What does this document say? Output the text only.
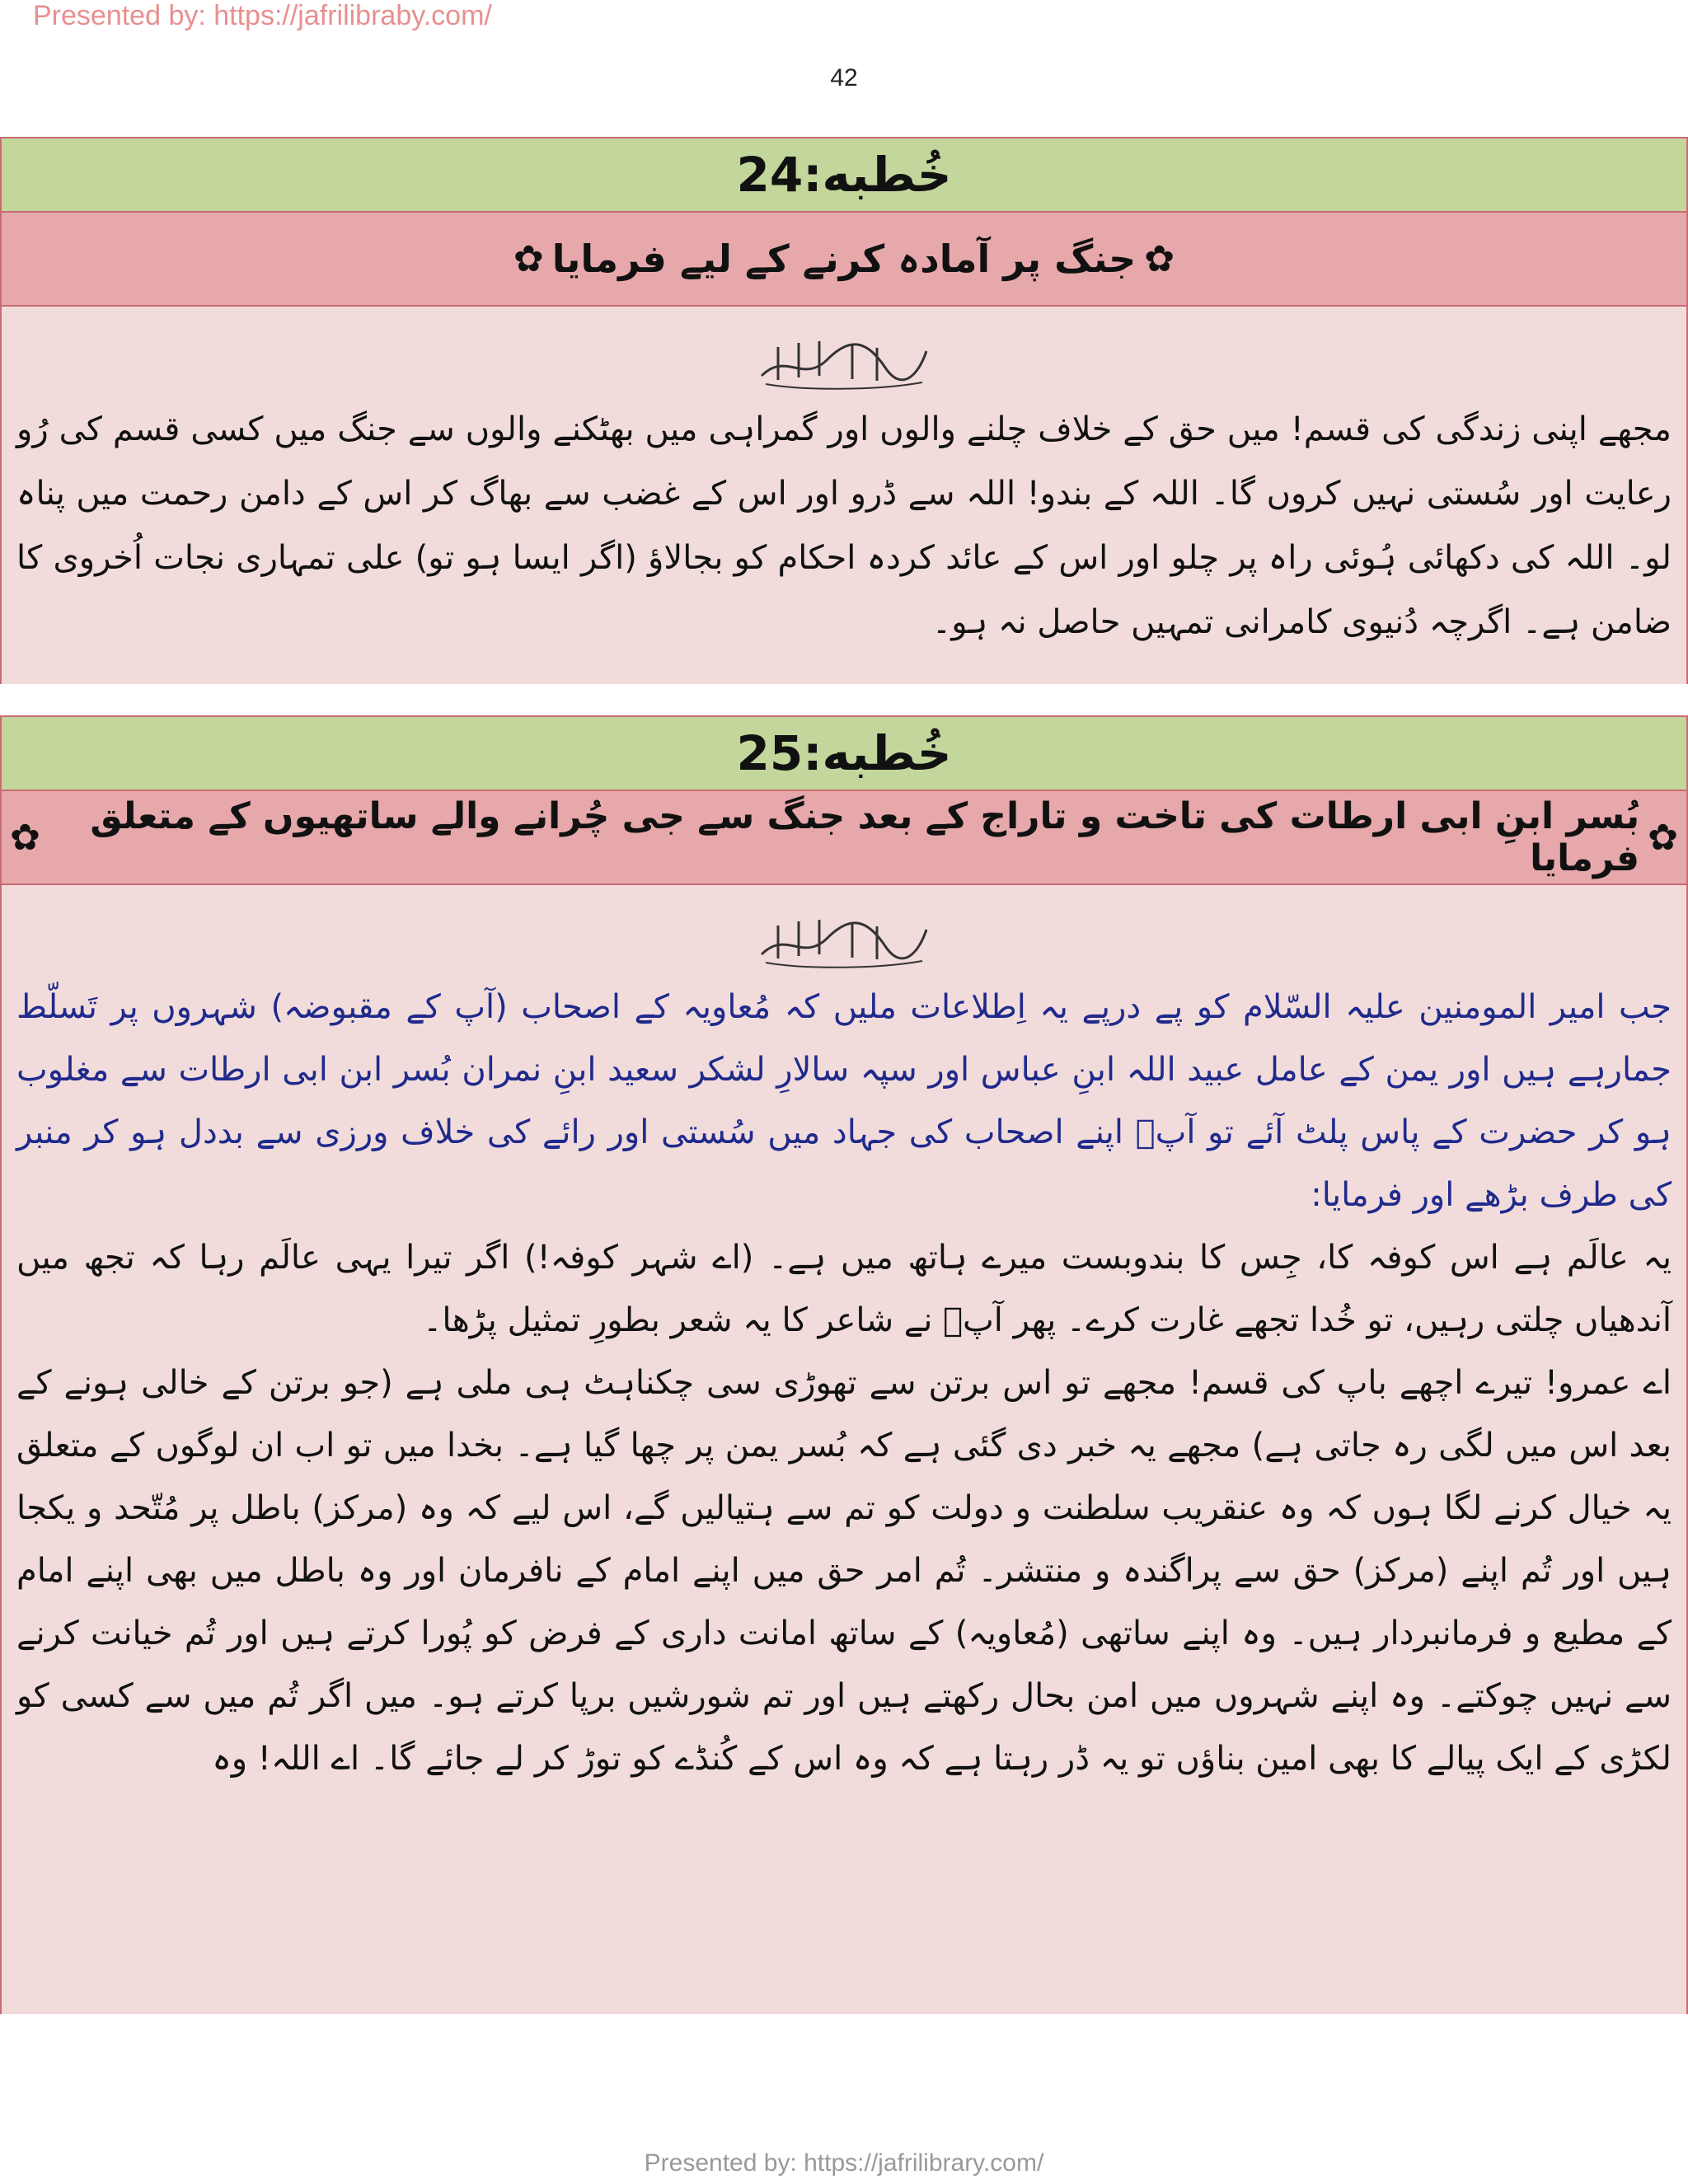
Presented by: https://jafrilibraby.com/
42
خُطبه:24
✿
جنگ پر آمادہ کرنے کے لیے فرمایا
✿

مجھے اپنی زندگی کی قسم! میں حق کے خلاف چلنے والوں اور گمراہی میں بھٹکنے والوں سے جنگ میں کسی قسم کی رُو رعایت اور سُستی نہیں کروں گا۔ اللہ کے بندو! اللہ سے ڈرو اور اس کے غضب سے بھاگ کر اس کے دامن رحمت میں پناہ لو۔ اللہ کی دکھائی ہُوئی راہ پر چلو اور اس کے عائد کردہ احکام کو بجالاؤ (اگر ایسا ہو تو) علی تمہاری نجات اُخروی کا ضامن ہے۔ اگرچہ دُنیوی کامرانی تمہیں حاصل نہ ہو۔

خُطبه:25
✿
بُسر ابنِ ابی ارطات کی تاخت و تاراج کے بعد جنگ سے جی چُرانے والے ساتھیوں کے متعلق فرمایا
✿

جب امیر المومنین علیہ السّلام کو پے درپے یہ اِطلاعات ملیں کہ مُعاویہ کے اصحاب (آپ کے مقبوضہ) شہروں پر تَسلّط جمارہے ہیں اور یمن کے عامل عبید اللہ ابنِ عباس اور سپہ سالارِ لشکر سعید ابنِ نمران بُسر ابن ابی ارطات سے مغلوب ہو کر حضرت کے پاس پلٹ آئے تو آپؑ اپنے اصحاب کی جہاد میں سُستی اور رائے کی خلاف ورزی سے بددل ہو کر منبر کی طرف بڑھے اور فرمایا:

یہ عالَم ہے اس کوفہ کا، جِس کا بندوبست میرے ہاتھ میں ہے۔ (اے شہر کوفہ!) اگر تیرا یہی عالَم رہا کہ تجھ میں آندھیاں چلتی رہیں، تو خُدا تجھے غارت کرے۔ پھر آپؑ نے شاعر کا یہ شعر بطورِ تمثیل پڑھا۔

اے عمرو! تیرے اچھے باپ کی قسم! مجھے تو اس برتن سے تھوڑی سی چکناہٹ ہی ملی ہے (جو برتن کے خالی ہونے کے بعد اس میں لگی رہ جاتی ہے) مجھے یہ خبر دی گئی ہے کہ بُسر یمن پر چھا گیا ہے۔ بخدا میں تو اب ان لوگوں کے متعلق یہ خیال کرنے لگا ہوں کہ وہ عنقریب سلطنت و دولت کو تم سے ہتیالیں گے، اس لیے کہ وہ (مرکز) باطل پر مُتّحد و یکجا ہیں اور تُم اپنے (مرکز) حق سے پراگندہ و منتشر۔ تُم امر حق میں اپنے امام کے نافرمان اور وہ باطل میں بھی اپنے امام کے مطیع و فرمانبردار ہیں۔ وہ اپنے ساتھی (مُعاویہ) کے ساتھ امانت داری کے فرض کو پُورا کرتے ہیں اور تُم خیانت کرنے سے نہیں چوکتے۔ وہ اپنے شہروں میں امن بحال رکھتے ہیں اور تم شورشیں برپا کرتے ہو۔ میں اگر تُم میں سے کسی کو لکڑی کے ایک پیالے کا بھی امین بناؤں تو یہ ڈر رہتا ہے کہ وہ اس کے کُنڈے کو توڑ کر لے جائے گا۔ اے اللہ! وہ

Presented by: https://jafrilibrary.com/
